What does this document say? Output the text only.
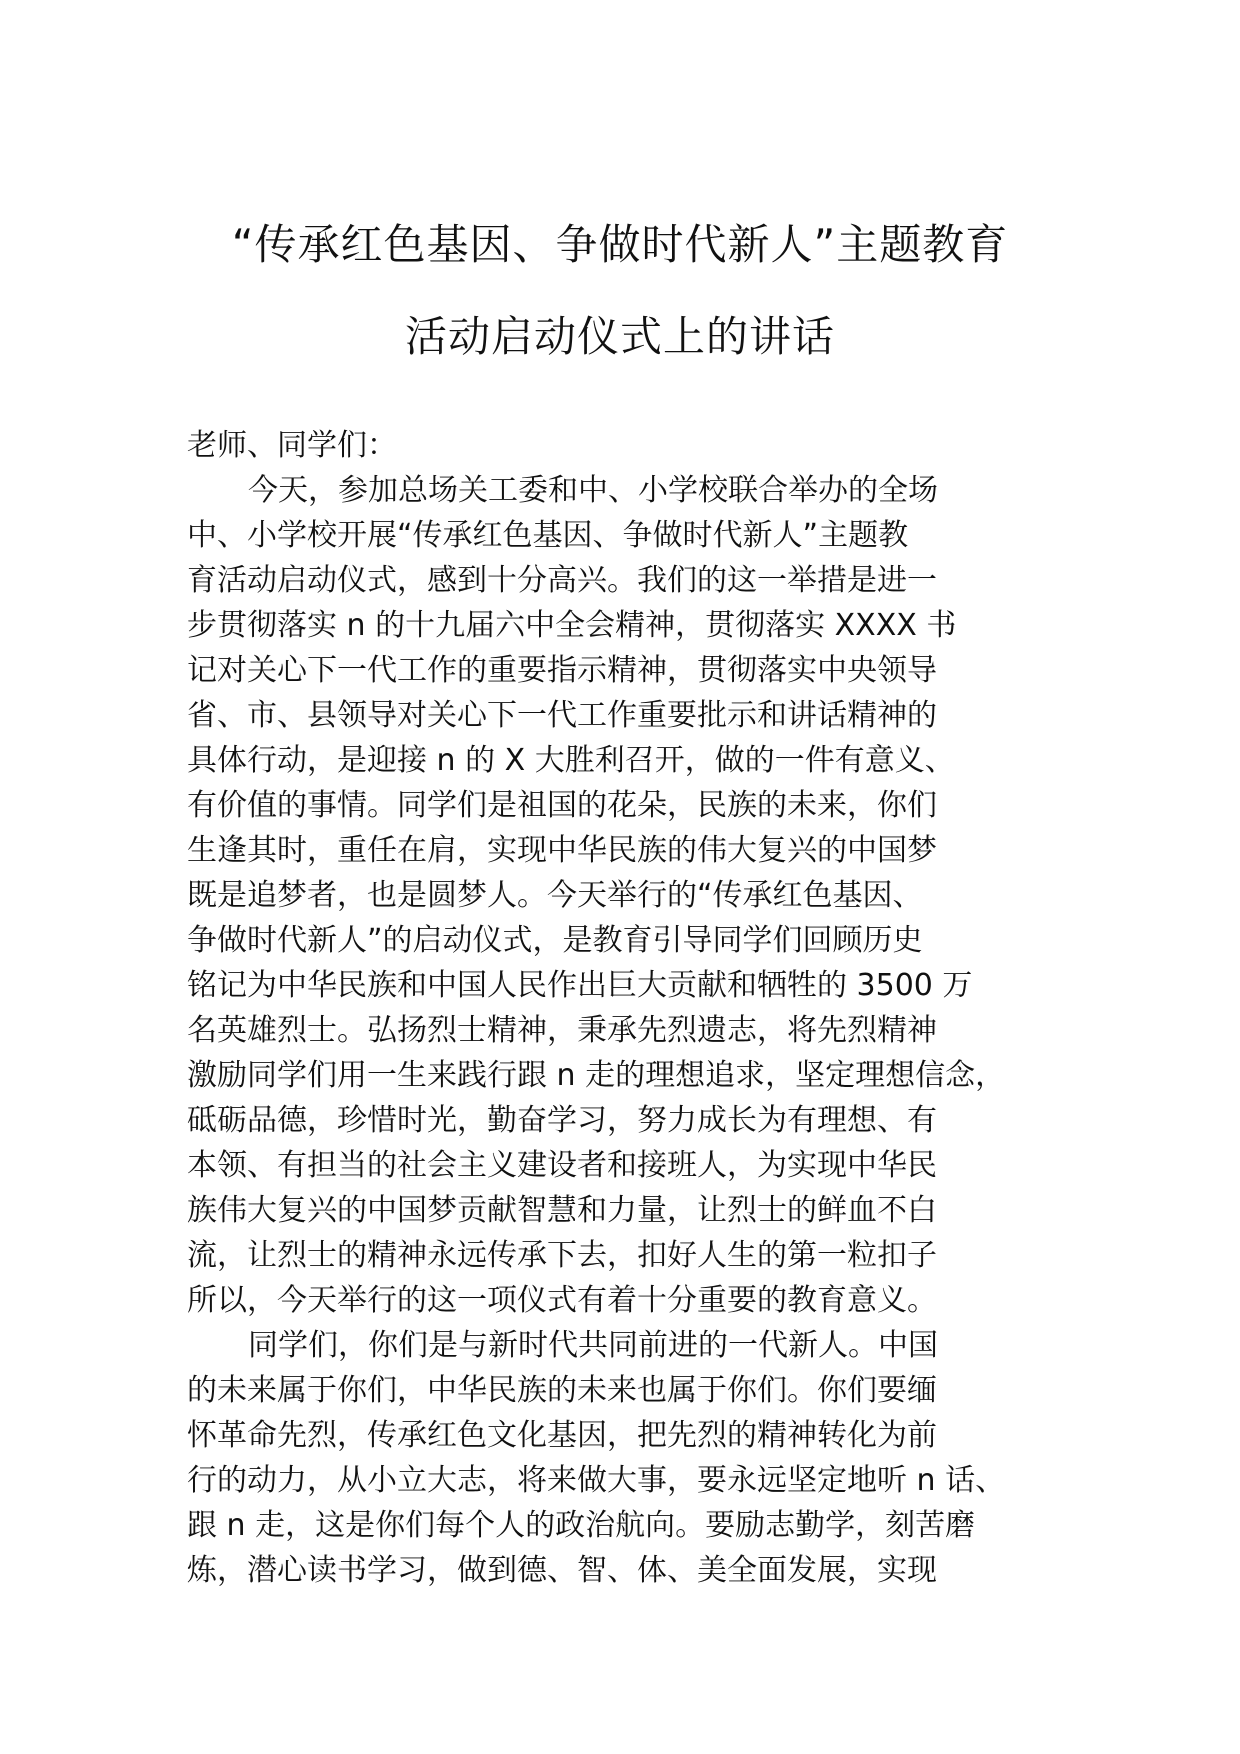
“传承红色基因、争做时代新人”主题教育
活动启动仪式上的讲话
老师、同学们：
今天，参加总场关工委和中、小学校联合举办的全场
中、小学校开展“传承红色基因、争做时代新人”主题教
育活动启动仪式，感到十分高兴。我们的这一举措是进一
步贯彻落实 n 的十九届六中全会精神，贯彻落实 XXXX 书
记对关心下一代工作的重要指示精神，贯彻落实中央领导
省、市、县领导对关心下一代工作重要批示和讲话精神的
具体行动，是迎接 n 的 X 大胜利召开，做的一件有意义、
有价值的事情。同学们是祖国的花朵，民族的未来，你们
生逢其时，重任在肩，实现中华民族的伟大复兴的中国梦
既是追梦者，也是圆梦人。今天举行的“传承红色基因、
争做时代新人”的启动仪式，是教育引导同学们回顾历史
铭记为中华民族和中国人民作出巨大贡献和牺牲的 3500 万
名英雄烈士。弘扬烈士精神，秉承先烈遗志，将先烈精神
激励同学们用一生来践行跟 n 走的理想追求，坚定理想信念，
砥砺品德，珍惜时光，勤奋学习，努力成长为有理想、有
本领、有担当的社会主义建设者和接班人，为实现中华民
族伟大复兴的中国梦贡献智慧和力量，让烈士的鲜血不白
流，让烈士的精神永远传承下去，扣好人生的第一粒扣子
所以，今天举行的这一项仪式有着十分重要的教育意义。
同学们，你们是与新时代共同前进的一代新人。中国
的未来属于你们，中华民族的未来也属于你们。你们要缅
怀革命先烈，传承红色文化基因，把先烈的精神转化为前
行的动力，从小立大志，将来做大事，要永远坚定地听 n 话、
跟 n 走，这是你们每个人的政治航向。要励志勤学，刻苦磨
炼，潜心读书学习，做到德、智、体、美全面发展，实现
